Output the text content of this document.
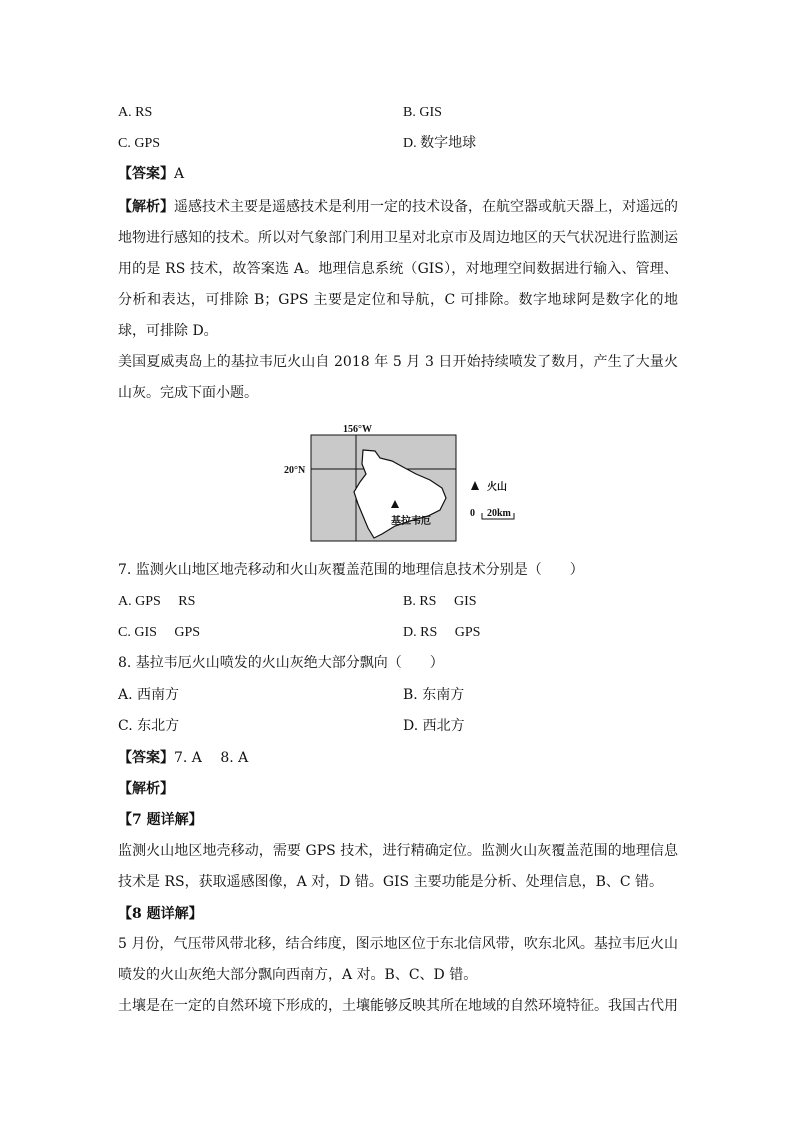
A. RS	B. GIS
C. GPS	D. 数字地球
【答案】A
【解析】遥感技术主要是遥感技术是利用一定的技术设备，在航空器或航天器上，对遥远的地物进行感知的技术。所以对气象部门利用卫星对北京市及周边地区的天气状况进行监测运用的是 RS 技术，故答案选 A。地理信息系统（GIS），对地理空间数据进行输入、管理、分析和表达，可排除 B；GPS 主要是定位和导航，C 可排除。数字地球阿是数字化的地球，可排除 D。
美国夏威夷岛上的基拉韦厄火山自 2018 年 5 月 3 日开始持续喷发了数月，产生了大量火山灰。完成下面小题。
156°W
20°N
基拉韦厄
火山
0 20km
7. 监测火山地区地壳移动和火山灰覆盖范围的地理信息技术分别是（　　）
A. GPS　 RS	B. RS　 GIS
C. GIS　 GPS	D. RS　 GPS
8. 基拉韦厄火山喷发的火山灰绝大部分飘向（　　）
A. 西南方	B. 东南方
C. 东北方	D. 西北方
【答案】7. A　 8. A
【解析】
【7 题详解】
监测火山地区地壳移动，需要 GPS 技术，进行精确定位。监测火山灰覆盖范围的地理信息技术是 RS，获取遥感图像，A 对，D 错。GIS 主要功能是分析、处理信息，B、C 错。
【8 题详解】
5 月份，气压带风带北移，结合纬度，图示地区位于东北信风带，吹东北风。基拉韦厄火山喷发的火山灰绝大部分飘向西南方，A 对。B、C、D 错。
土壤是在一定的自然环境下形成的，土壤能够反映其所在地域的自然环境特征。我国古代用
